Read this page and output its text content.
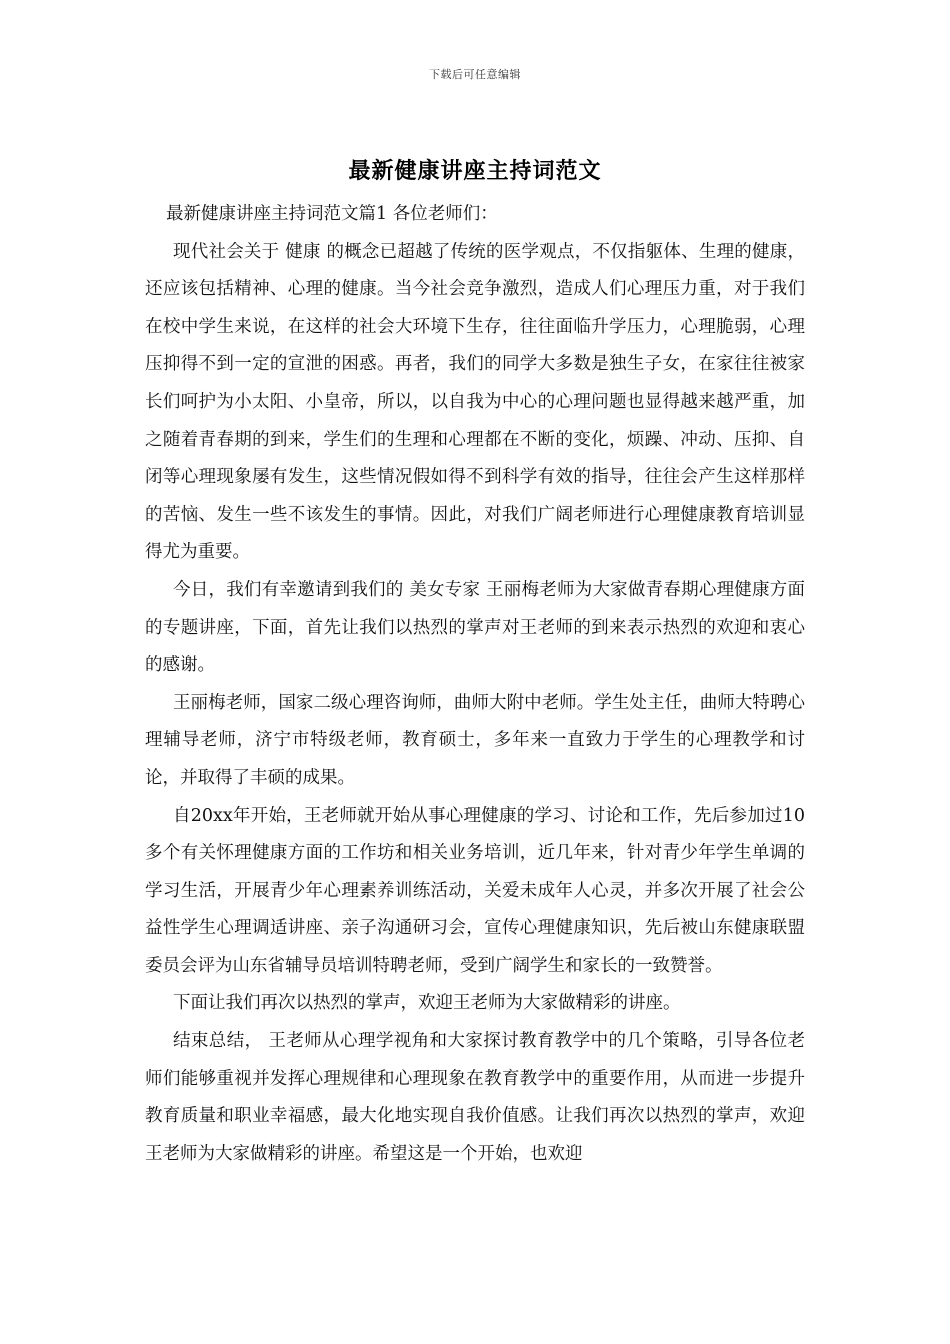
下载后可任意编辑
最新健康讲座主持词范文

最新健康讲座主持词范文篇1 各位老师们：

现代社会关于 健康 的概念已超越了传统的医学观点，不仅指躯体、生理的健康，还应该包括精神、心理的健康。当今社会竞争激烈，造成人们心理压力重，对于我们在校中学生来说，在这样的社会大环境下生存，往往面临升学压力，心理脆弱，心理压抑得不到一定的宣泄的困惑。再者，我们的同学大多数是独生子女，在家往往被家长们呵护为小太阳、小皇帝，所以，以自我为中心的心理问题也显得越来越严重，加之随着青春期的到来，学生们的生理和心理都在不断的变化，烦躁、冲动、压抑、自闭等心理现象屡有发生，这些情况假如得不到科学有效的指导，往往会产生这样那样的苦恼、发生一些不该发生的事情。因此，对我们广阔老师进行心理健康教育培训显得尤为重要。

今日，我们有幸邀请到我们的 美女专家 王丽梅老师为大家做青春期心理健康方面的专题讲座，下面，首先让我们以热烈的掌声对王老师的到来表示热烈的欢迎和衷心的感谢。

王丽梅老师，国家二级心理咨询师，曲师大附中老师。学生处主任，曲师大特聘心理辅导老师，济宁市特级老师，教育硕士，多年来一直致力于学生的心理教学和讨论，并取得了丰硕的成果。

自20xx年开始，王老师就开始从事心理健康的学习、讨论和工作，先后参加过10多个有关怀理健康方面的工作坊和相关业务培训，近几年来，针对青少年学生单调的学习生活，开展青少年心理素养训练活动，关爱未成年人心灵，并多次开展了社会公益性学生心理调适讲座、亲子沟通研习会，宣传心理健康知识，先后被山东健康联盟委员会评为山东省辅导员培训特聘老师，受到广阔学生和家长的一致赞誉。

下面让我们再次以热烈的掌声，欢迎王老师为大家做精彩的讲座。

结束总结， 王老师从心理学视角和大家探讨教育教学中的几个策略，引导各位老师们能够重视并发挥心理规律和心理现象在教育教学中的重要作用，从而进一步提升教育质量和职业幸福感，最大化地实现自我价值感。让我们再次以热烈的掌声，欢迎王老师为大家做精彩的讲座。希望这是一个开始，也欢迎
